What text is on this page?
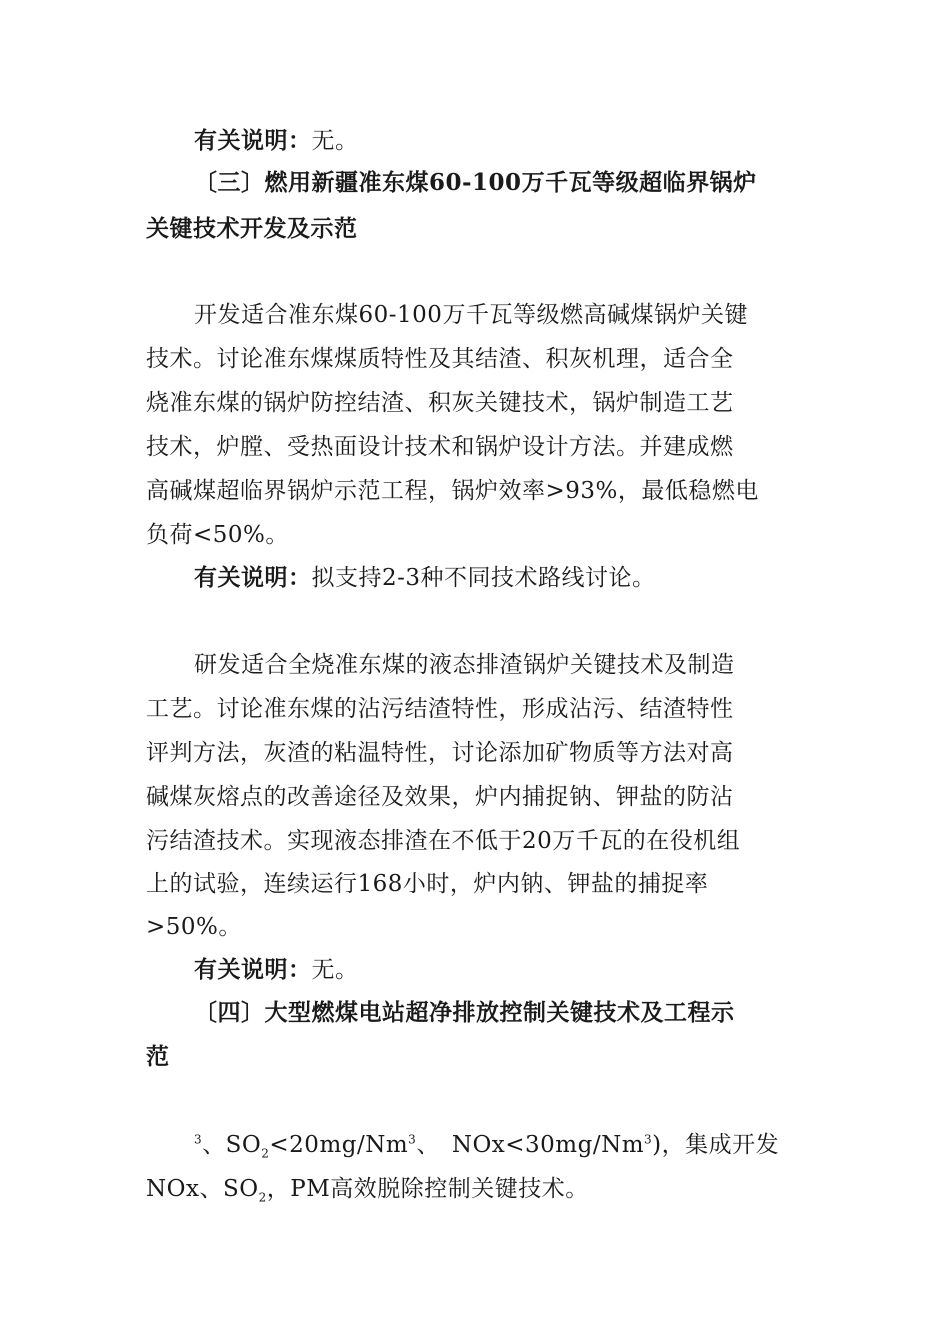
有关说明：无。
〔三〕燃用新疆准东煤60-100万千瓦等级超临界锅炉
关键技术开发及示范
开发适合准东煤60-100万千瓦等级燃高碱煤锅炉关键
技术。讨论准东煤煤质特性及其结渣、积灰机理，适合全
烧准东煤的锅炉防控结渣、积灰关键技术，锅炉制造工艺
技术，炉膛、受热面设计技术和锅炉设计方法。并建成燃
高碱煤超临界锅炉示范工程，锅炉效率>93%，最低稳燃电
负荷<50%。
有关说明：拟支持2-3种不同技术路线讨论。
研发适合全烧准东煤的液态排渣锅炉关键技术及制造
工艺。讨论准东煤的沾污结渣特性，形成沾污、结渣特性
评判方法，灰渣的粘温特性，讨论添加矿物质等方法对高
碱煤灰熔点的改善途径及效果，炉内捕捉钠、钾盐的防沾
污结渣技术。实现液态排渣在不低于20万千瓦的在役机组
上的试验，连续运行168小时，炉内钠、钾盐的捕捉率
>50%。
有关说明：无。
〔四〕大型燃煤电站超净排放控制关键技术及工程示
范
$^3$、$SO_2<20mg/Nm^3$、　$NOx<30mg/Nm^3$)，集成开发
NOx、$SO_2$，PM高效脱除控制关键技术。
